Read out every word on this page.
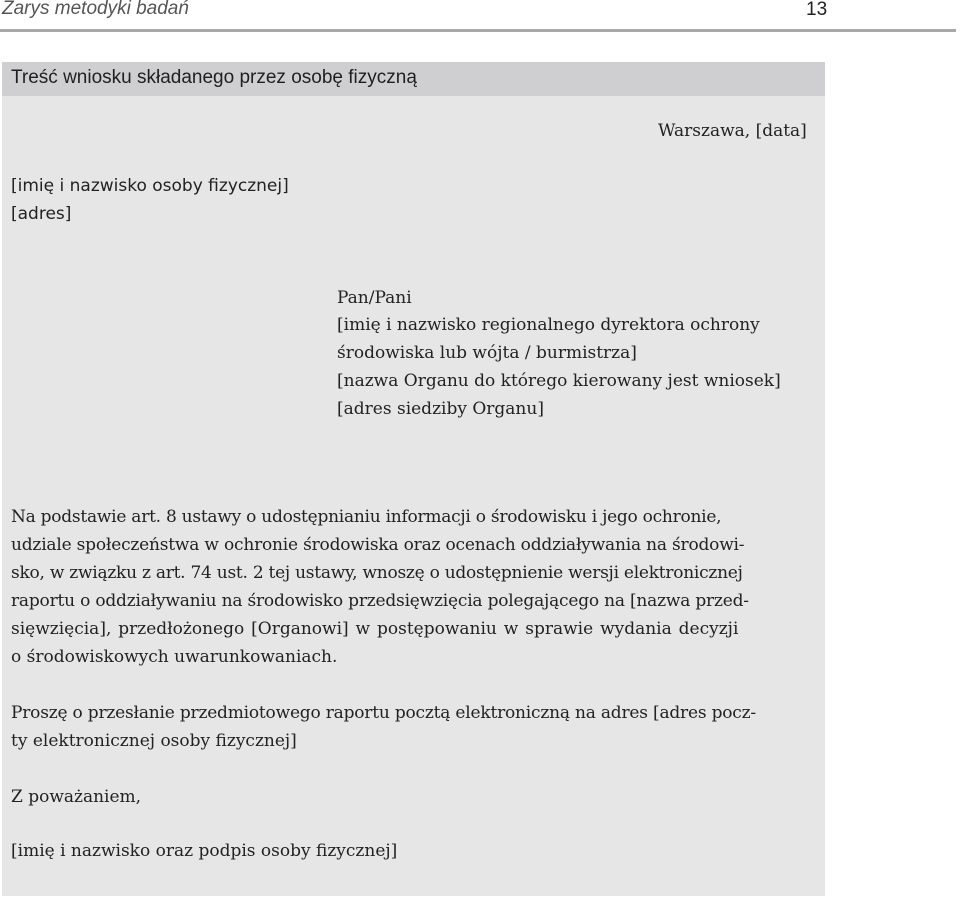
Zarys metodyki badań	13
Treść wniosku składanego przez osobę fizyczną

Warszawa, [data]

[imię i nazwisko osoby fizycznej]

[adres]

Pan/Pani

[imię i nazwisko regionalnego dyrektora ochrony

środowiska lub wójta / burmistrza]

[nazwa Organu do którego kierowany jest wniosek]

[adres siedziby Organu]

Na podstawie art. 8 ustawy o udostępnianiu informacji o środowisku i jego ochronie,

udziale społeczeństwa w ochronie środowiska oraz ocenach oddziaływania na środowi-

sko, w związku z art. 74 ust. 2 tej ustawy, wnoszę o udostępnienie wersji elektronicznej

raportu o oddziaływaniu na środowisko przedsięwzięcia polegającego na [nazwa przed-

sięwzięcia], przedłożonego [Organowi] w postępowaniu w sprawie wydania decyzji

o środowiskowych uwarunkowaniach.

Proszę o przesłanie przedmiotowego raportu pocztą elektroniczną na adres [adres pocz-

ty elektronicznej osoby fizycznej]

Z poważaniem,

[imię i nazwisko oraz podpis osoby fizycznej]
